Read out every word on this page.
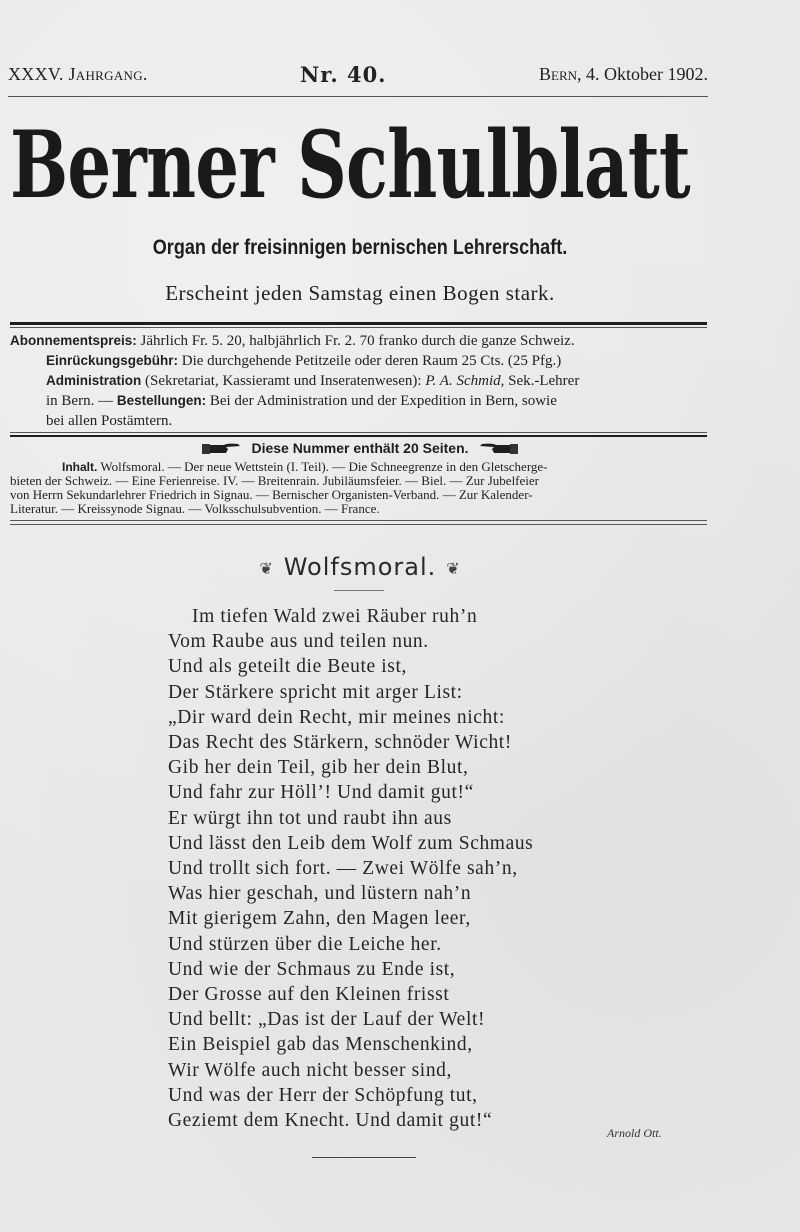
XXXV. Jahrgang.	Nr. 40.	Bern, 4. Oktober 1902.
Berner Schulblatt
Organ der freisinnigen bernischen Lehrerschaft.
Erscheint jeden Samstag einen Bogen stark.
Abonnementspreis: Jährlich Fr. 5. 20, halbjährlich Fr. 2. 70 franko durch die ganze Schweiz.
Einrückungsgebühr: Die durchgehende Petitzeile oder deren Raum 25 Cts. (25 Pfg.)
Administration (Sekretariat, Kassieramt und Inseratenwesen): P. A. Schmid, Sek.-Lehrer
in Bern. — Bestellungen: Bei der Administration und der Expedition in Bern, sowie
bei allen Postämtern.
Diese Nummer enthält 20 Seiten.
Inhalt. Wolfsmoral. — Der neue Wettstein (I. Teil). — Die Schneegrenze in den Gletscherge-
bieten der Schweiz. — Eine Ferienreise. IV. — Breitenrain. Jubiläumsfeier. — Biel. — Zur Jubelfeier
von Herrn Sekundarlehrer Friedrich in Signau. — Bernischer Organisten-Verband. — Zur Kalender-
Literatur. — Kreissynode Signau. — Volksschulsubvention. — France.
❦ Wolfsmoral. ❦
Im tiefen Wald zwei Räuber ruh’n
Vom Raube aus und teilen nun.
Und als geteilt die Beute ist,
Der Stärkere spricht mit arger List:
„Dir ward dein Recht, mir meines nicht:
Das Recht des Stärkern, schnöder Wicht!
Gib her dein Teil, gib her dein Blut,
Und fahr zur Höll’! Und damit gut!“
Er würgt ihn tot und raubt ihn aus
Und lässt den Leib dem Wolf zum Schmaus
Und trollt sich fort. — Zwei Wölfe sah’n,
Was hier geschah, und lüstern nah’n
Mit gierigem Zahn, den Magen leer,
Und stürzen über die Leiche her.
Und wie der Schmaus zu Ende ist,
Der Grosse auf den Kleinen frisst
Und bellt: „Das ist der Lauf der Welt!
Ein Beispiel gab das Menschenkind,
Wir Wölfe auch nicht besser sind,
Und was der Herr der Schöpfung tut,
Geziemt dem Knecht. Und damit gut!“
Arnold Ott.
